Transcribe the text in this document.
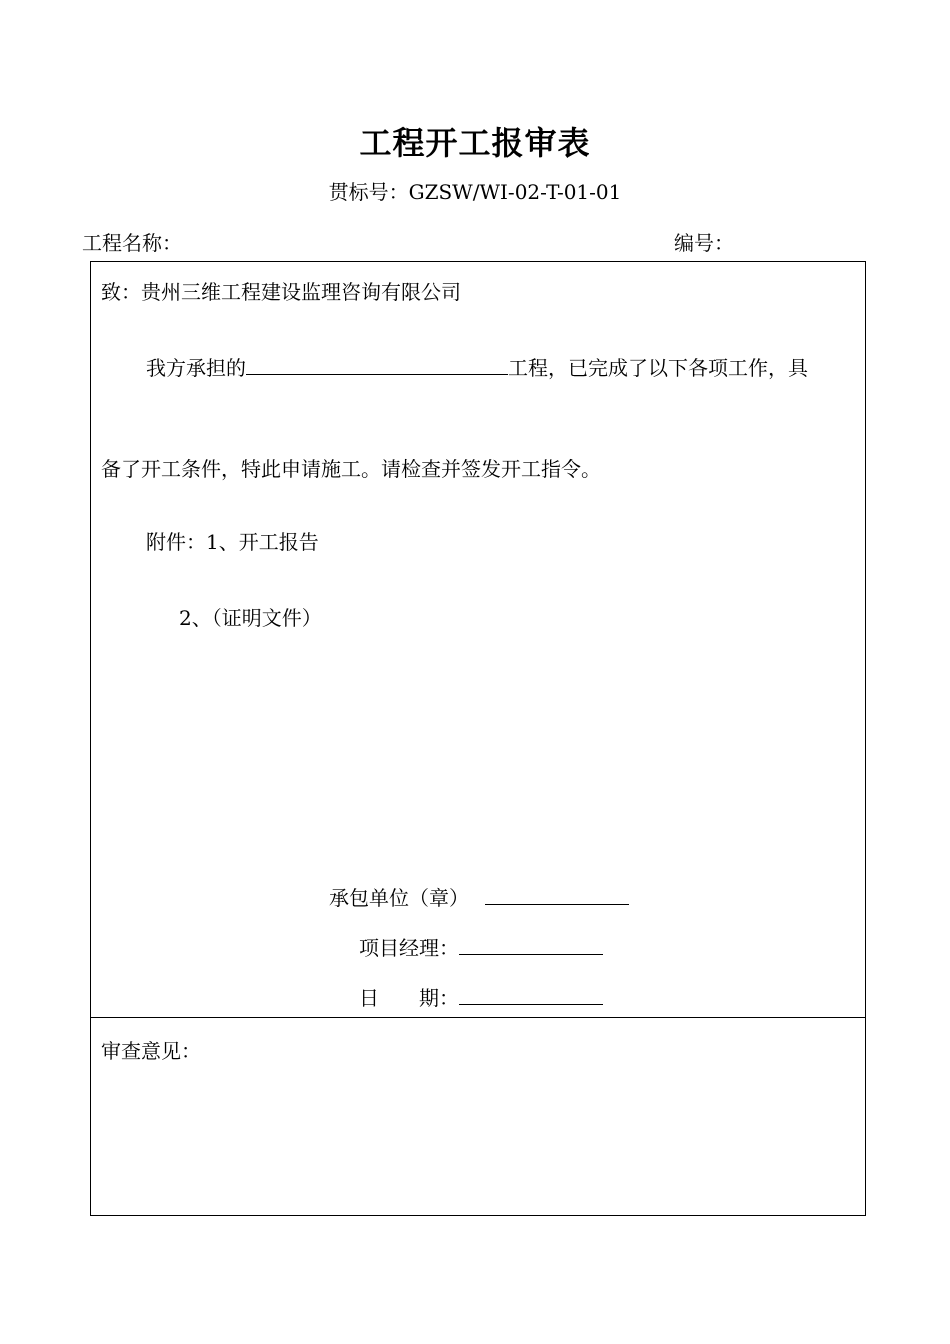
工程开工报审表
贯标号：GZSW/WI-02-T-01-01
工程名称：	编号：
致：贵州三维工程建设监理咨询有限公司
我方承担的	工程，已完成了以下各项工作，具
备了开工条件，特此申请施工。请检查并签发开工指令。
附件：1、开工报告
2、（证明文件）
承包单位（章）
项目经理：
日　　期：
审查意见：
